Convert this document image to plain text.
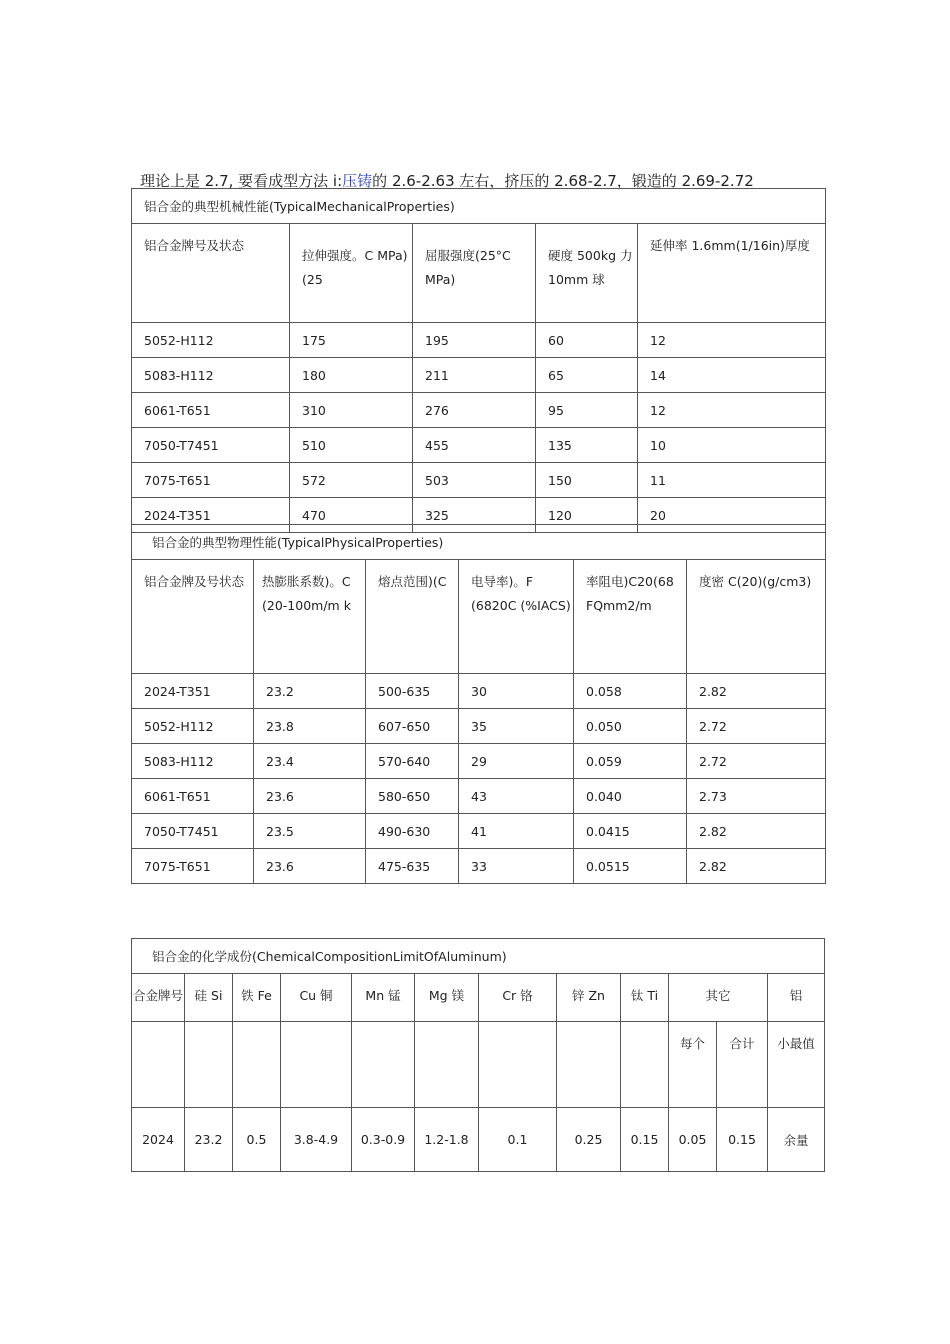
理论上是 2.7, 要看成型方法 i:压铸的 2.6-2.63 左右，挤压的 2.68-2.7，锻造的 2.69-2.72
铝合金的典型机械性能(TypicalMechanicalProperties)				
铝合金牌号及状态	拉伸强度。C MPa)(25	屈服强度(25°C MPa)	硬度 500kg 力 10mm 球	延伸率 1.6mm(1/16in)厚度
5052-H112	175	195	60	12
5083-H112	180	211	65	14
6061-T651	310	276	95	12
7050-T7451	510	455	135	10
7075-T651	572	503	150	11
2024-T351	470	325	120	20
铝合金的典型物理性能(TypicalPhysicalProperties)					
铝合金牌及号状态	热膨胀系数)。C (20-100m/m k	熔点范围)(C	电导率)。F (6820C (%IACS)	率阻电)C20(68 FQmm2/m	度密 C(20)(g/cm3)
2024-T351	23.2	500-635	30	0.058	2.82
5052-H112	23.8	607-650	35	0.050	2.72
5083-H112	23.4	570-640	29	0.059	2.72
6061-T651	23.6	580-650	43	0.040	2.73
7050-T7451	23.5	490-630	41	0.0415	2.82
7075-T651	23.6	475-635	33	0.0515	2.82
铝合金的化学成份(ChemicalCompositionLimitOfAluminum)											
合金牌号	硅 Si	铁 Fe	Cu 铜	Mn 锰	Mg 镁	Cr 铬	锌 Zn	钛 Ti	其它		铝
									每个	合计	小最值
2024	23.2	0.5	3.8-4.9	0.3-0.9	1.2-1.8	0.1	0.25	0.15	0.05	0.15	余量
